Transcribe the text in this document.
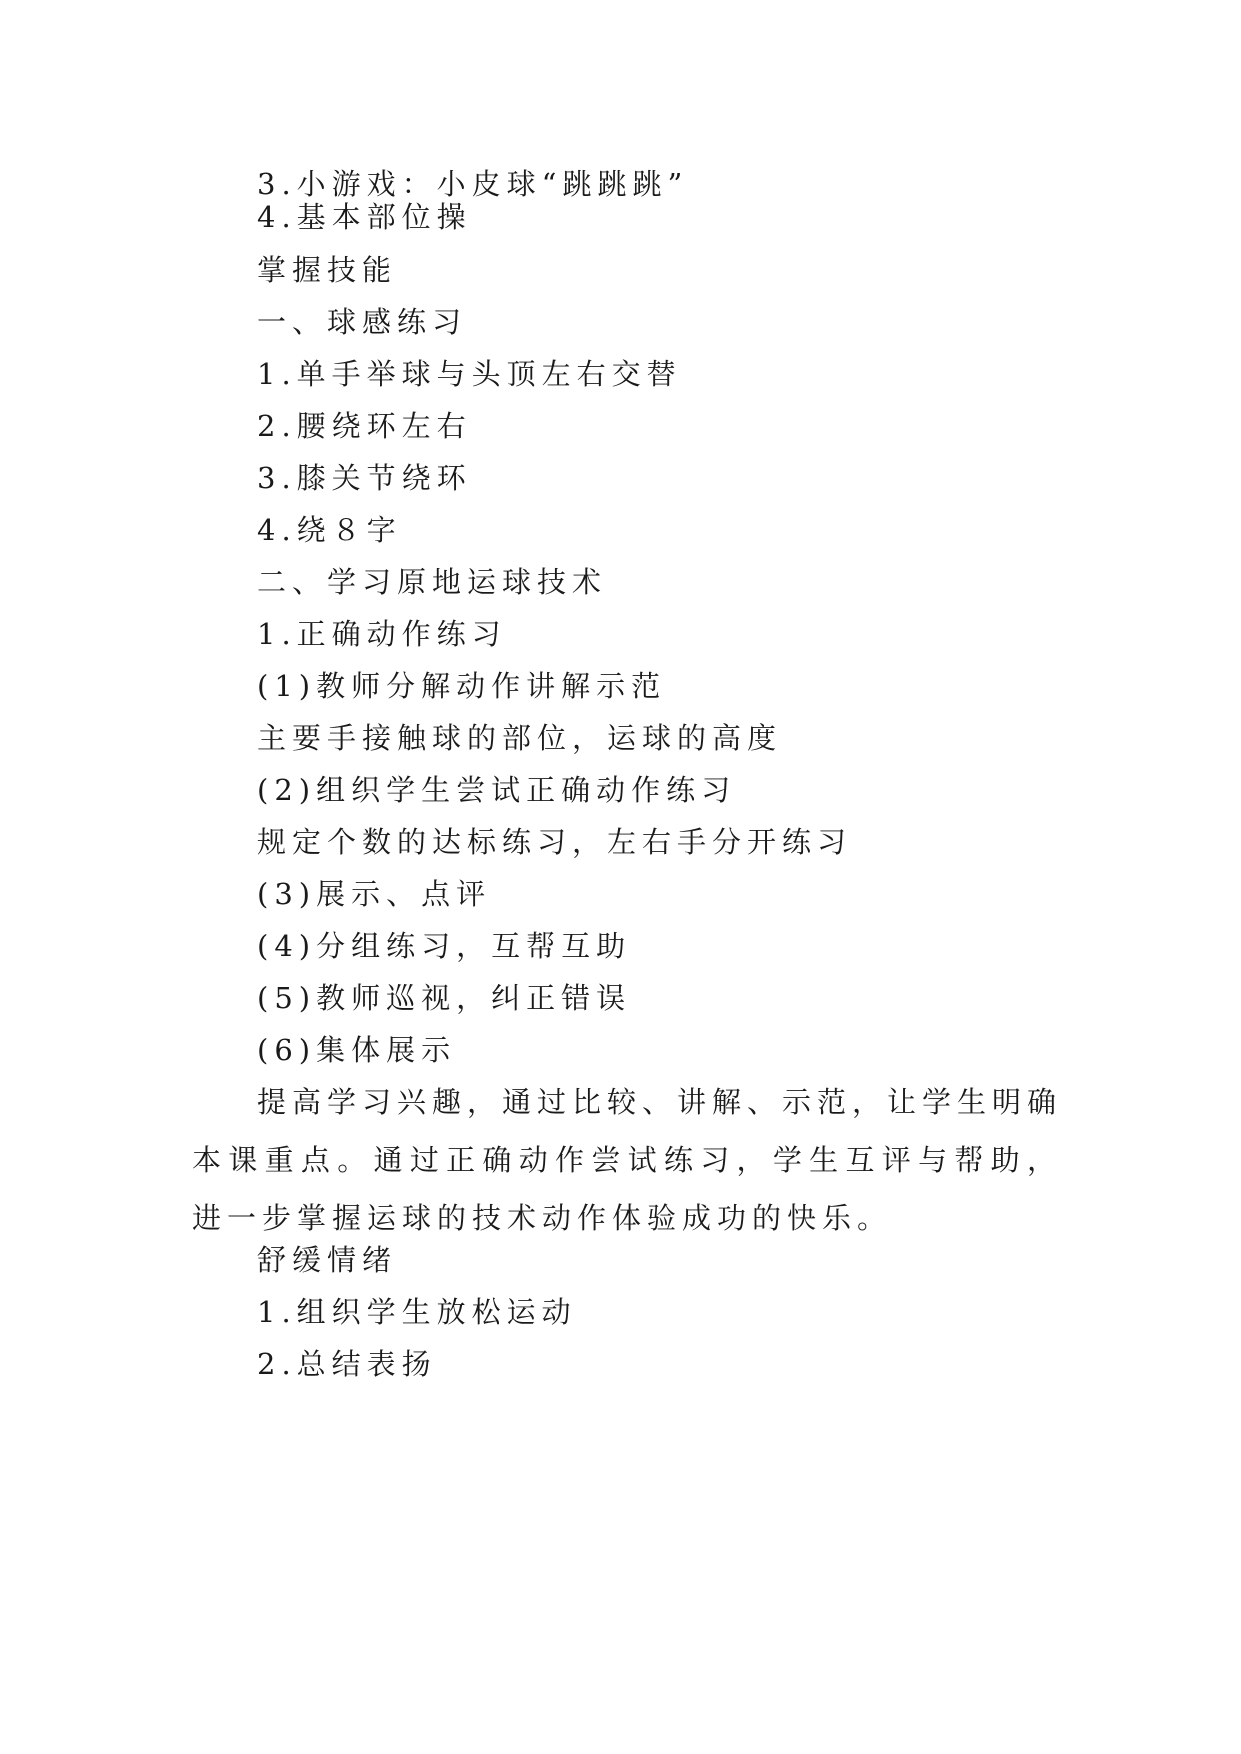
3.小游戏：小皮球“跳跳跳”
4.基本部位操
掌握技能
一、球感练习
1.单手举球与头顶左右交替
2.腰绕环左右
3.膝关节绕环
4.绕８字
二、学习原地运球技术
1.正确动作练习
(1)教师分解动作讲解示范
主要手接触球的部位，运球的高度
(2)组织学生尝试正确动作练习
规定个数的达标练习，左右手分开练习
(3)展示、点评
(4)分组练习，互帮互助
(5)教师巡视，纠正错误
(6)集体展示
提高学习兴趣，通过比较、讲解、示范，让学生明确本课重点。通过正确动作尝试练习，学生互评与帮助，进一步掌握运球的技术动作体验成功的快乐。
舒缓情绪
1.组织学生放松运动
2.总结表扬
